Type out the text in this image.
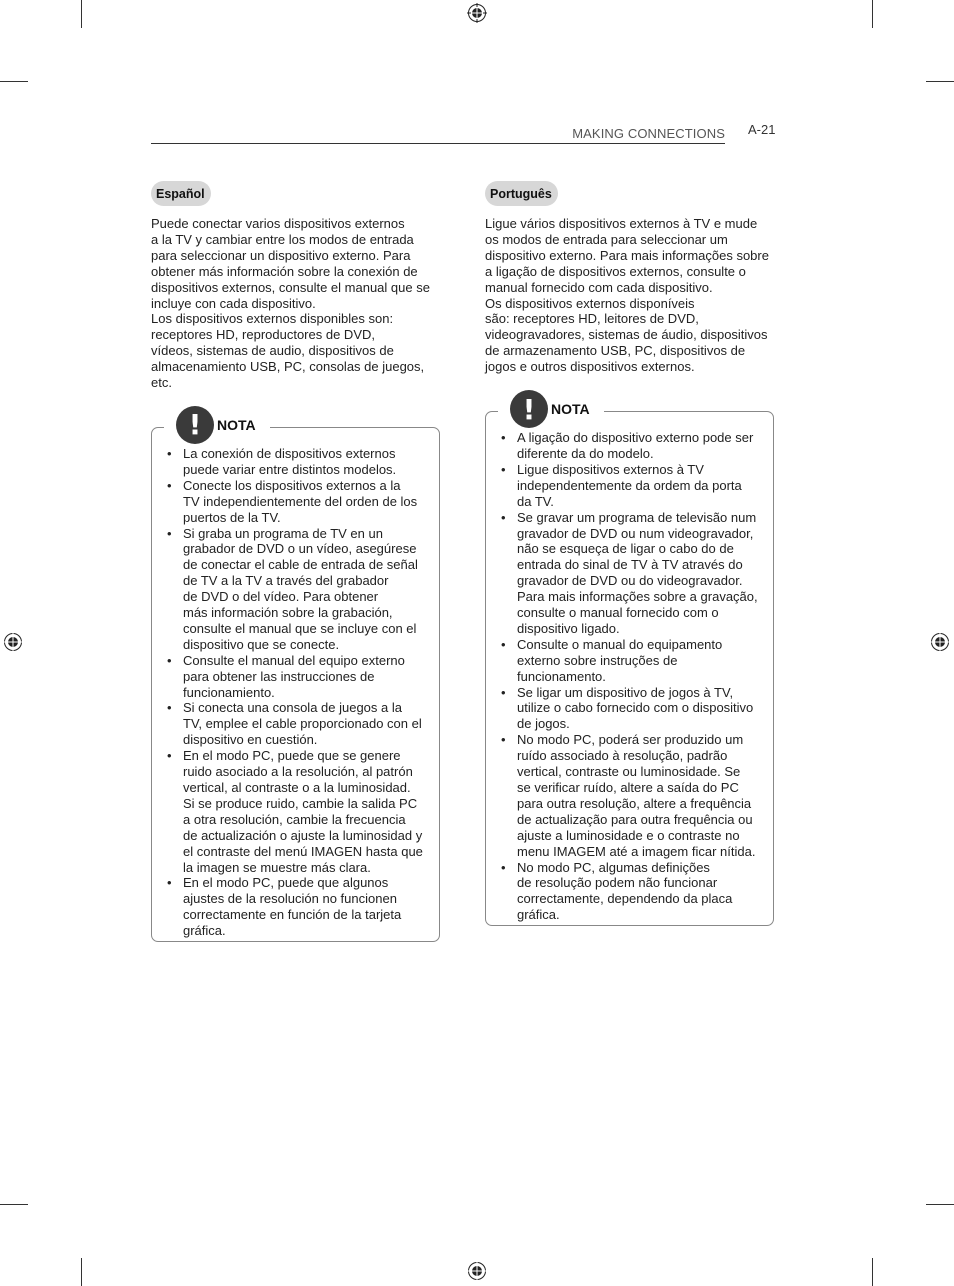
MAKING CONNECTIONS A-21
Español
Puede conectar varios dispositivos externos
a la TV y cambiar entre los modos de entrada
para seleccionar un dispositivo externo. Para
obtener más información sobre la conexión de
dispositivos externos, consulte el manual que se
incluye con cada dispositivo.
Los dispositivos externos disponibles son:
receptores HD, reproductores de DVD,
vídeos, sistemas de audio, dispositivos de
almacenamiento USB, PC, consolas de juegos,
etc.
!	NOTA
• La conexión de dispositivos externos
puede variar entre distintos modelos.
• Conecte los dispositivos externos a la
TV independientemente del orden de los
puertos de la TV.
• Si graba un programa de TV en un
grabador de DVD o un vídeo, asegúrese
de conectar el cable de entrada de señal
de TV a la TV a través del grabador
de DVD o del vídeo. Para obtener
más información sobre la grabación,
consulte el manual que se incluye con el
dispositivo que se conecte.
• Consulte el manual del equipo externo
para obtener las instrucciones de
funcionamiento.
• Si conecta una consola de juegos a la
TV, emplee el cable proporcionado con el
dispositivo en cuestión.
• En el modo PC, puede que se genere
ruido asociado a la resolución, al patrón
vertical, al contraste o a la luminosidad.
Si se produce ruido, cambie la salida PC
a otra resolución, cambie la frecuencia
de actualización o ajuste la luminosidad y
el contraste del menú IMAGEN hasta que
la imagen se muestre más clara.
• En el modo PC, puede que algunos
ajustes de la resolución no funcionen
correctamente en función de la tarjeta
gráfica.
Português
Ligue vários dispositivos externos à TV e mude
os modos de entrada para seleccionar um
dispositivo externo. Para mais informações sobre
a ligação de dispositivos externos, consulte o
manual fornecido com cada dispositivo.
Os dispositivos externos disponíveis
são: receptores HD, leitores de DVD,
videogravadores, sistemas de áudio, dispositivos
de armazenamento USB, PC, dispositivos de
jogos e outros dispositivos externos.
!	NOTA
• A ligação do dispositivo externo pode ser
diferente da do modelo.
• Ligue dispositivos externos à TV
independentemente da ordem da porta
da TV.
• Se gravar um programa de televisão num
gravador de DVD ou num videogravador,
não se esqueça de ligar o cabo do de
entrada do sinal de TV à TV através do
gravador de DVD ou do videogravador.
Para mais informações sobre a gravação,
consulte o manual fornecido com o
dispositivo ligado.
• Consulte o manual do equipamento
externo sobre instruções de
funcionamento.
• Se ligar um dispositivo de jogos à TV,
utilize o cabo fornecido com o dispositivo
de jogos.
• No modo PC, poderá ser produzido um
ruído associado à resolução, padrão
vertical, contraste ou luminosidade. Se
se verificar ruído, altere a saída do PC
para outra resolução, altere a frequência
de actualização para outra frequência ou
ajuste a luminosidade e o contraste no
menu IMAGEM até a imagem ficar nítida.
• No modo PC, algumas definições
de resolução podem não funcionar
correctamente, dependendo da placa
gráfica.
